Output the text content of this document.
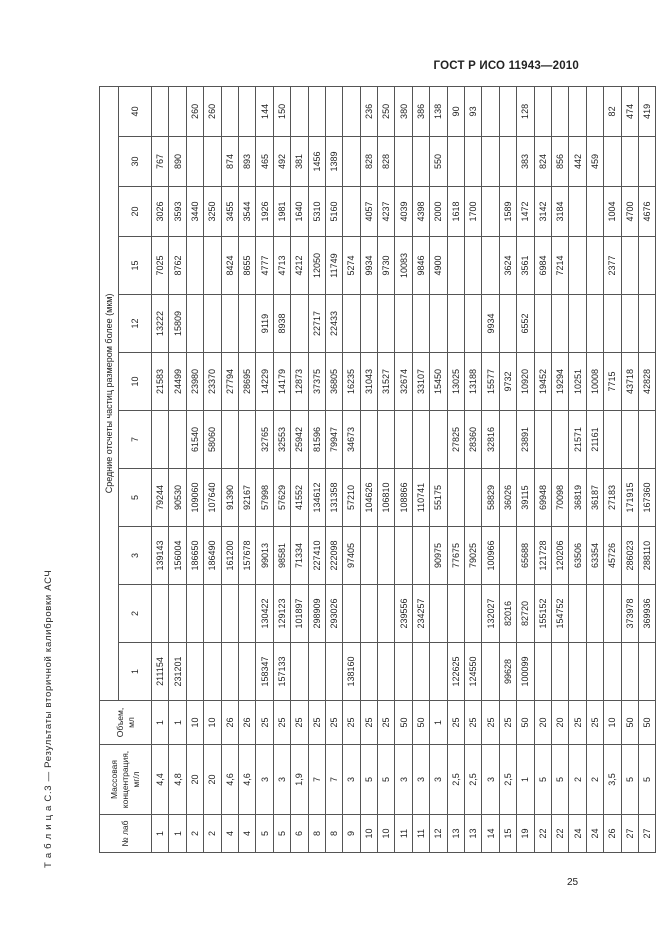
ГОСТ Р ИСО 11943—2010
Т а б л и ц а С.3 — Результаты вторичной калибровки АСЧ	№ лаб	Массовая концентрация, мг/л	Объем, мл	Средние отсчеты частиц размером более (мкм)										
			1	2	3	5	7	10	12	15	20	30	40
1	4,4	1	211154		139143	79244		21583	13222	7025	3026	767	
1	4,8	1	231201		156004	90530		24499	15809	8762	3593	890	
2	20	10			186650	109060	61540	23980			3440		260
2	20	10			186490	107640	58060	23370			3250		260
4	4,6	26			161200	91390		27794		8424	3455	874	
4	4,6	26			157678	92167		28695		8655	3544	893	
5	3	25	158347	130422	99013	57998	32765	14229	9119	4777	1926	465	144
5	3	25	157133	129123	98581	57629	32553	14179	8938	4713	1981	492	150
6	1,9	25		101897	71334	41552	25942	12873		4212	1640	381	
8	7	25		298909	227410	134612	81596	37375	22717	12050	5310	1456	
8	7	25		293026	222098	131358	79947	36805	22433	11749	5160	1389	
9	3	25	138160		97405	57210	34673	16235		5274			
10	5	25				104626		31043		9934	4057	828	236
10	5	25				106810		31527		9730	4237	828	250
11	3	50		239556		108866		32674		10083	4039		380
11	3	50		234257		110741		33107		9846	4398		386
12	3	1			90975	55175		15450		4900	2000	550	138
13	2,5	25	122625		77675		27825	13025			1618		90
13	2,5	25	124550		79025		28360	13188			1700		93
14	3	25		132027	100966	58829	32816	15577	9934				
15	2,5	25	99628	82016		36026		9732		3624	1589		
19	1	50	100099	82720	65688	39115	23891	10920	6552	3561	1472	383	128
22	5	20		155152	121728	69948		19452		6984	3142	824	
22	5	20		154752	120206	70098		19294		7214	3184	856	
24	2	25			63506	36819	21571	10251				442	
24	2	25			63354	36187	21161	10008				459	
26	3,5	10			45726	27183		7715		2377	1004		82
27	5	50		373978	286023	171915		43718			4700		474
27	5	50		369936	288110	167360		42828			4676		419
25
